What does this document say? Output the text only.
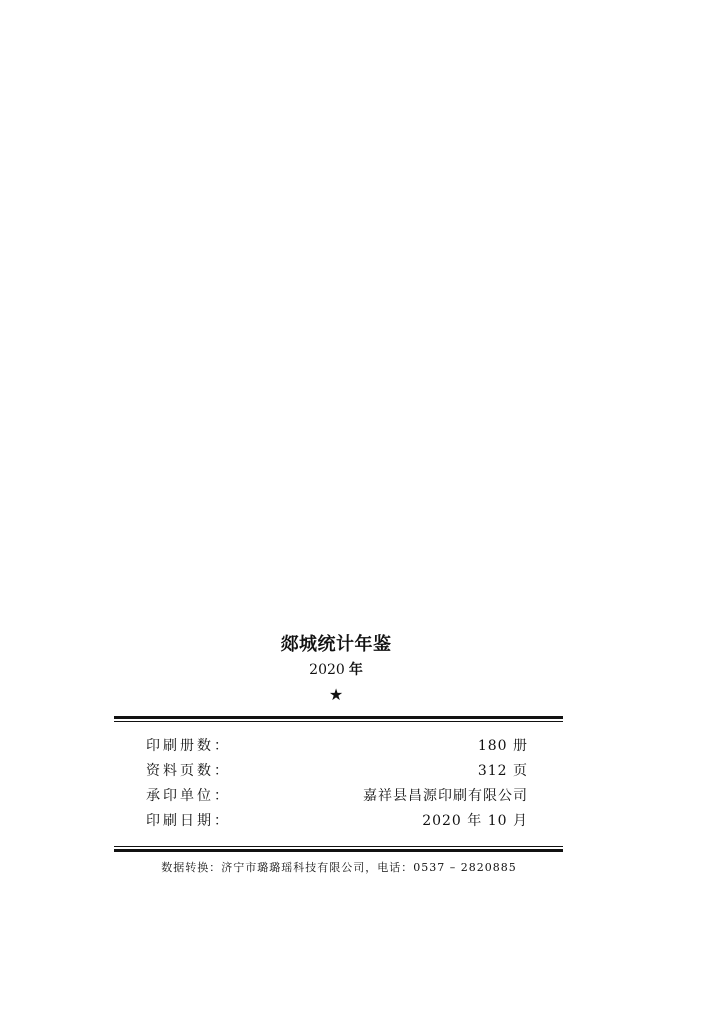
郯城统计年鉴
2020 年
★
印刷册数：	180 册
资料页数：	312 页
承印单位：	嘉祥县昌源印刷有限公司
印刷日期：	2020 年 10 月
数据转换：济宁市璐璐瑶科技有限公司，电话：0537 – 2820885
